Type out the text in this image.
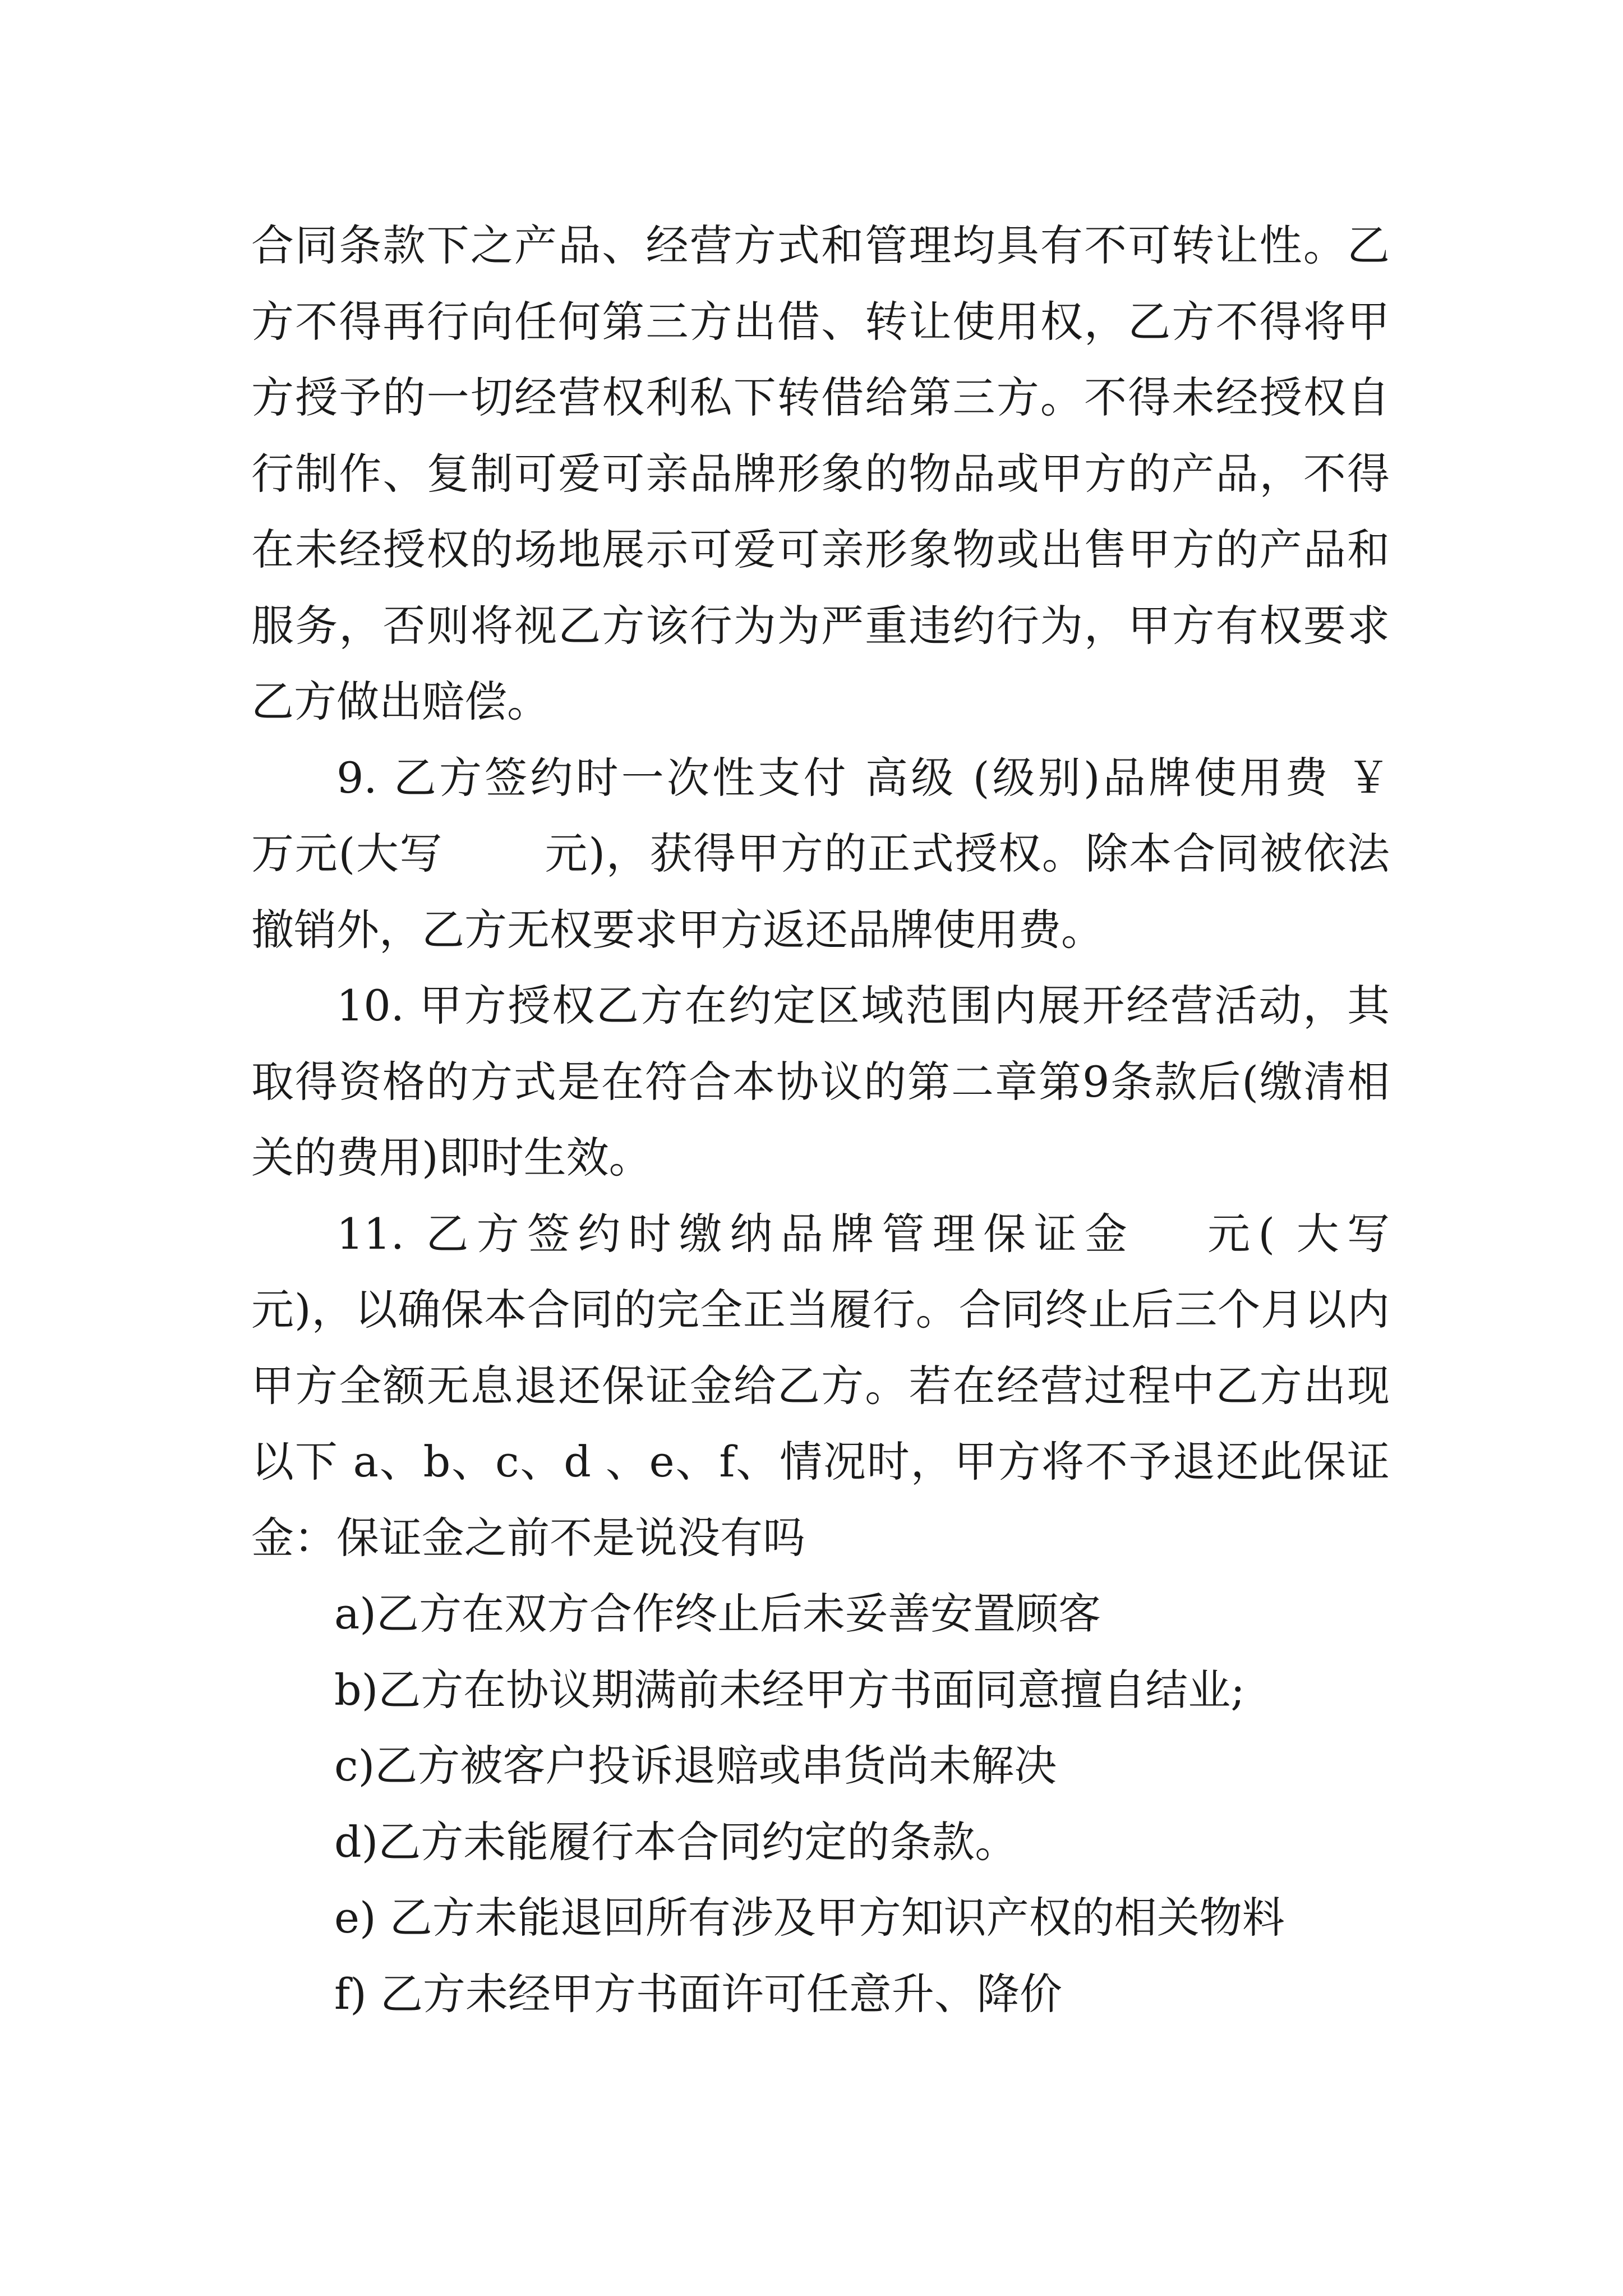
合同条款下之产品、经营方式和管理均具有不可转让性。乙方不得再行向任何第三方出借、转让使用权，乙方不得将甲方授予的一切经营权利私下转借给第三方。不得未经授权自行制作、复制可爱可亲品牌形象的物品或甲方的产品，不得在未经授权的场地展示可爱可亲形象物或出售甲方的产品和服务，否则将视乙方该行为为严重违约行为，甲方有权要求乙方做出赔偿。

9. 乙方签约时一次性支付 高级 (级别)品牌使用费 ￥　 万元(大写　　 元)，获得甲方的正式授权。除本合同被依法撤销外，乙方无权要求甲方返还品牌使用费。

10. 甲方授权乙方在约定区域范围内展开经营活动，其取得资格的方式是在符合本协议的第二章第9条款后(缴清相关的费用)即时生效。

11. 乙方签约时缴纳品牌管理保证金　 元( 大写　　 元)，以确保本合同的完全正当履行。合同终止后三个月以内甲方全额无息退还保证金给乙方。若在经营过程中乙方出现以下 a、b、c、d 、e、f、情况时，甲方将不予退还此保证金：保证金之前不是说没有吗

a)乙方在双方合作终止后未妥善安置顾客

b)乙方在协议期满前未经甲方书面同意擅自结业;

c)乙方被客户投诉退赔或串货尚未解决

d)乙方未能履行本合同约定的条款。

e) 乙方未能退回所有涉及甲方知识产权的相关物料

f) 乙方未经甲方书面许可任意升、降价
